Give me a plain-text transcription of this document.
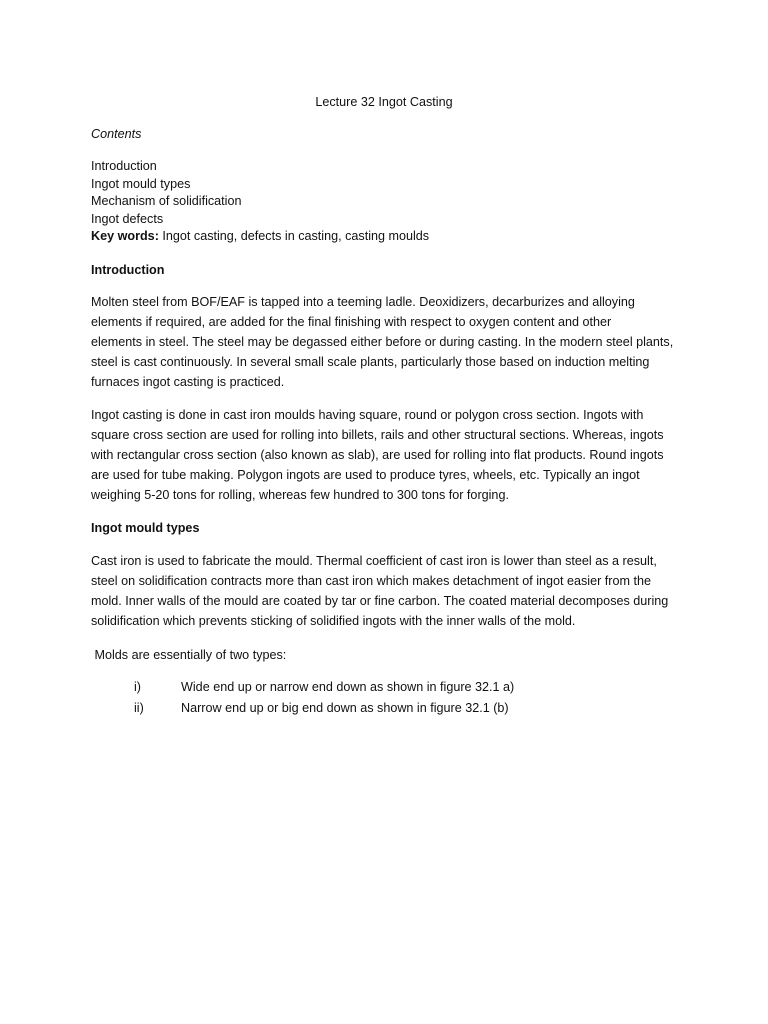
Lecture 32 Ingot Casting
Contents
Introduction
Ingot mould types
Mechanism of solidification
Ingot defects
Key words: Ingot casting, defects in casting, casting moulds
Introduction
Molten steel from BOF/EAF is tapped into a teeming ladle. Deoxidizers, decarburizes and alloying
elements if required, are added for the final finishing with respect to oxygen content and other
elements in steel. The steel may be degassed either before or during casting. In the modern steel plants,
steel is cast continuously. In several small scale plants, particularly those based on induction melting
furnaces ingot casting is practiced.
Ingot casting is done in cast iron moulds having square, round or polygon cross section. Ingots with
square cross section are used for rolling into billets, rails and other structural sections. Whereas, ingots
with rectangular cross section (also known as slab), are used for rolling into flat products. Round ingots
are used for tube making. Polygon ingots are used to produce tyres, wheels, etc. Typically an ingot
weighing 5-20 tons for rolling, whereas few hundred to 300 tons for forging.
Ingot mould types
Cast iron is used to fabricate the mould. Thermal coefficient of cast iron is lower than steel as a result,
steel on solidification contracts more than cast iron which makes detachment of ingot easier from the
mold. Inner walls of the mould are coated by tar or fine carbon. The coated material decomposes during
solidification which prevents sticking of solidified ingots with the inner walls of the mold.
Molds are essentially of two types:
i)	Wide end up or narrow end down as shown in figure 32.1 a)
ii)	Narrow end up or big end down as shown in figure 32.1 (b)
